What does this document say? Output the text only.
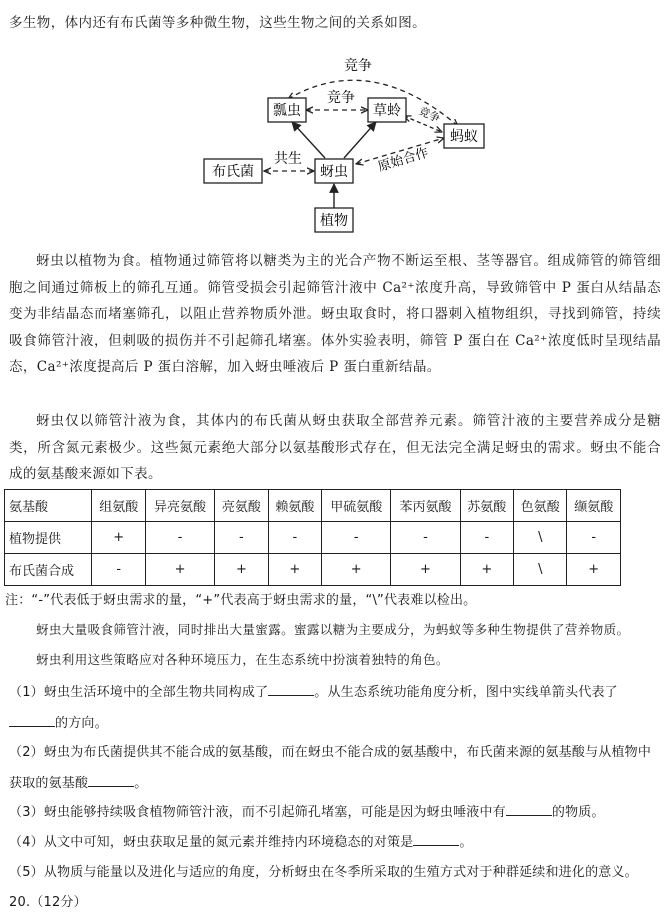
多生物，体内还有布氏菌等多种微生物，这些生物之间的关系如图。
竞争
竞争
竞争
原始合作
共生
瓢虫	草蛉
蚂蚁
布氏菌	蚜虫
植物
蚜虫以植物为食。植物通过筛管将以糖类为主的光合产物不断运至根、茎等器官。组成筛管的筛管细胞之间通过筛板上的筛孔互通。筛管受损会引起筛管汁液中 Ca²⁺浓度升高，导致筛管中 P 蛋白从结晶态变为非结晶态而堵塞筛孔，以阻止营养物质外泄。蚜虫取食时，将口器刺入植物组织，寻找到筛管，持续吸食筛管汁液，但刺吸的损伤并不引起筛孔堵塞。体外实验表明，筛管 P 蛋白在 Ca²⁺浓度低时呈现结晶态，Ca²⁺浓度提高后 P 蛋白溶解，加入蚜虫唾液后 P 蛋白重新结晶。
蚜虫仅以筛管汁液为食，其体内的布氏菌从蚜虫获取全部营养元素。筛管汁液的主要营养成分是糖类，所含氮元素极少。这些氮元素绝大部分以氨基酸形式存在，但无法完全满足蚜虫的需求。蚜虫不能合成的氨基酸来源如下表。
氨基酸	组氨酸	异亮氨酸	亮氨酸	赖氨酸	甲硫氨酸	苯丙氨酸	苏氨酸	色氨酸	缬氨酸
植物提供	+	-	-	-	-	-	-	\	-
布氏菌合成	-	+	+	+	+	+	+	\	+
注：“-”代表低于蚜虫需求的量，“+”代表高于蚜虫需求的量，“\”代表难以检出。
蚜虫大量吸食筛管汁液，同时排出大量蜜露。蜜露以糖为主要成分，为蚂蚁等多种生物提供了营养物质。
蚜虫利用这些策略应对各种环境压力，在生态系统中扮演着独特的角色。
（1）蚜虫生活环境中的全部生物共同构成了	。从生态系统功能角度分析，图中实线单箭头代表了
的方向。
（2）蚜虫为布氏菌提供其不能合成的氨基酸，而在蚜虫不能合成的氨基酸中，布氏菌来源的氨基酸与从植物中获取的氨基酸	。
（3）蚜虫能够持续吸食植物筛管汁液，而不引起筛孔堵塞，可能是因为蚜虫唾液中有	的物质。
（4）从文中可知，蚜虫获取足量的氮元素并维持内环境稳态的对策是	。
（5）从物质与能量以及进化与适应的角度，分析蚜虫在冬季所采取的生殖方式对于种群延续和进化的意义。
20.（12分）
